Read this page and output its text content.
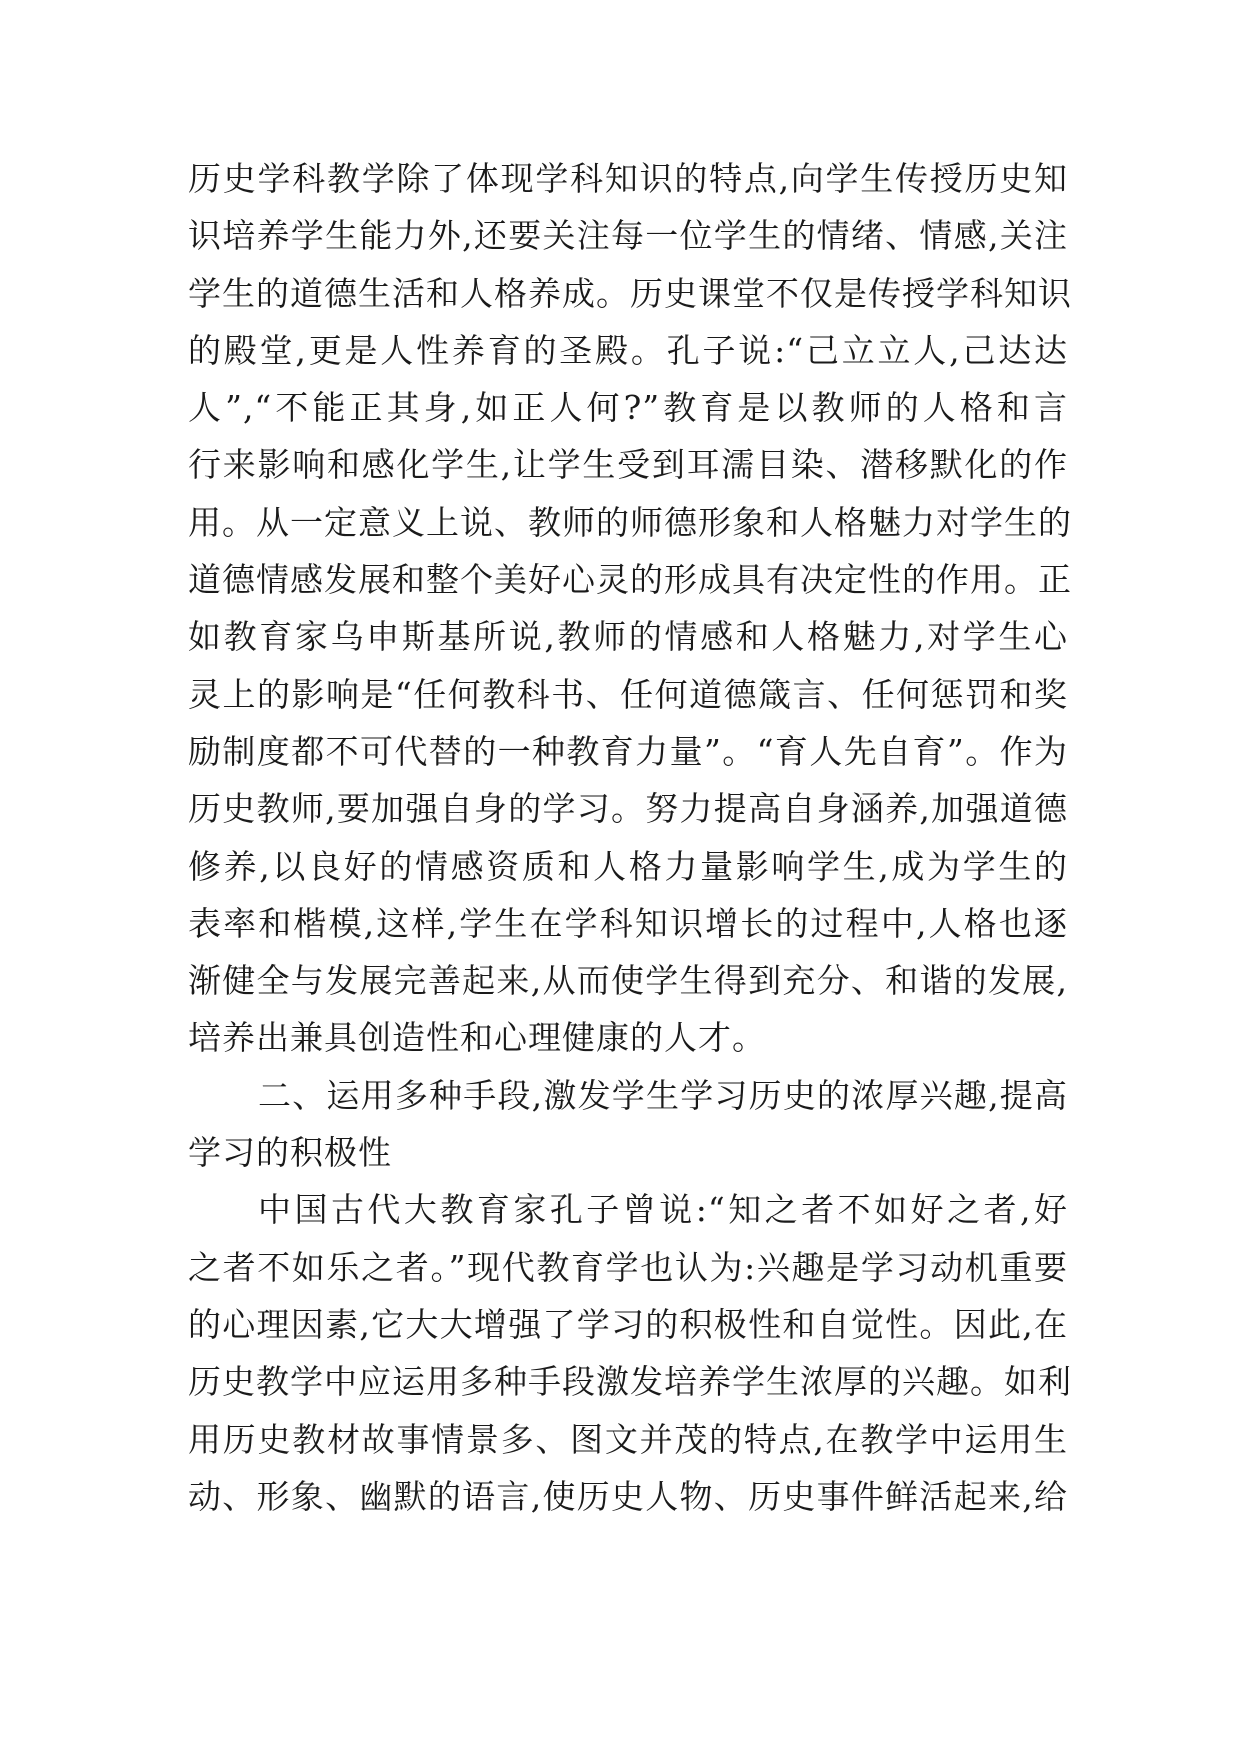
历史学科教学除了体现学科知识的特点,向学生传授历史知
识培养学生能力外,还要关注每一位学生的情绪、情感,关注
学生的道德生活和人格养成。历史课堂不仅是传授学科知识
的殿堂,更是人性养育的圣殿。孔子说:“己立立人,己达达
人”,“不能正其身,如正人何?”教育是以教师的人格和言
行来影响和感化学生,让学生受到耳濡目染、潜移默化的作
用。从一定意义上说、教师的师德形象和人格魅力对学生的
道德情感发展和整个美好心灵的形成具有决定性的作用。正
如教育家乌申斯基所说,教师的情感和人格魅力,对学生心
灵上的影响是“任何教科书、任何道德箴言、任何惩罚和奖
励制度都不可代替的一种教育力量”。“育人先自育”。作为
历史教师,要加强自身的学习。努力提高自身涵养,加强道德
修养,以良好的情感资质和人格力量影响学生,成为学生的
表率和楷模,这样,学生在学科知识增长的过程中,人格也逐
渐健全与发展完善起来,从而使学生得到充分、和谐的发展,
培养出兼具创造性和心理健康的人才。
二、运用多种手段,激发学生学习历史的浓厚兴趣,提高
学习的积极性
中国古代大教育家孔子曾说:“知之者不如好之者,好
之者不如乐之者。”现代教育学也认为:兴趣是学习动机重要
的心理因素,它大大增强了学习的积极性和自觉性。因此,在
历史教学中应运用多种手段激发培养学生浓厚的兴趣。如利
用历史教材故事情景多、图文并茂的特点,在教学中运用生
动、形象、幽默的语言,使历史人物、历史事件鲜活起来,给
